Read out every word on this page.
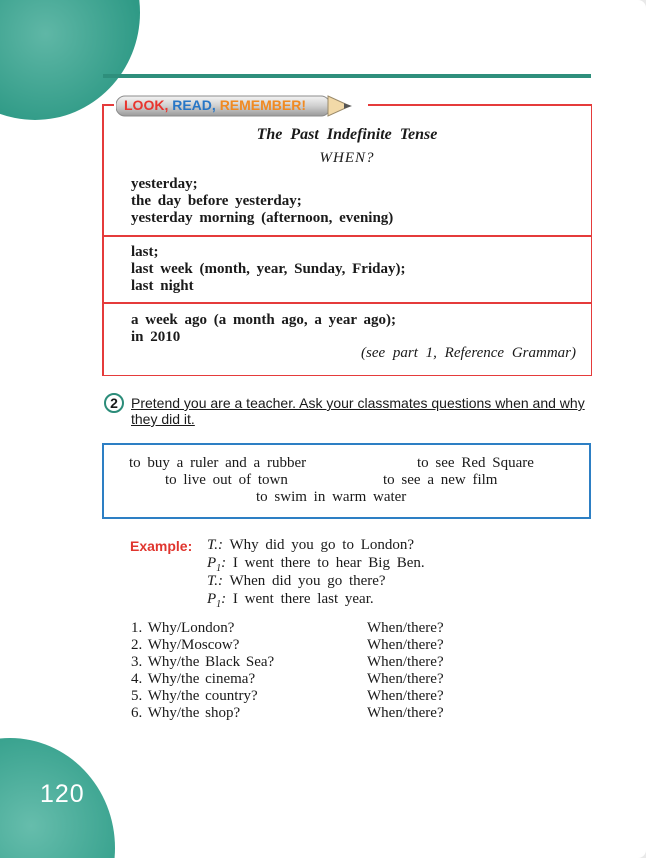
120
LOOK, READ, REMEMBER!
The Past Indefinite Tense
WHEN?
yesterday;
the day before yesterday;
yesterday morning (afternoon, evening)
last;
last week (month, year, Sunday, Friday);
last night
a week ago (a month ago, a year ago);
in 2010
(see part 1, Reference Grammar)
2 Pretend you are a teacher. Ask your classmates questions when and why they did it.
to buy a ruler and a rubber	to see Red Square
to live out of town	to see a new film
to swim in warm water
Example: T.: Why did you go to London?
$P_1$: I went there to hear Big Ben.
T.: When did you go there?
$P_1$: I went there last year.
1. Why/London?	When/there?
2. Why/Moscow?	When/there?
3. Why/the Black Sea?	When/there?
4. Why/the cinema?	When/there?
5. Why/the country?	When/there?
6. Why/the shop?	When/there?
